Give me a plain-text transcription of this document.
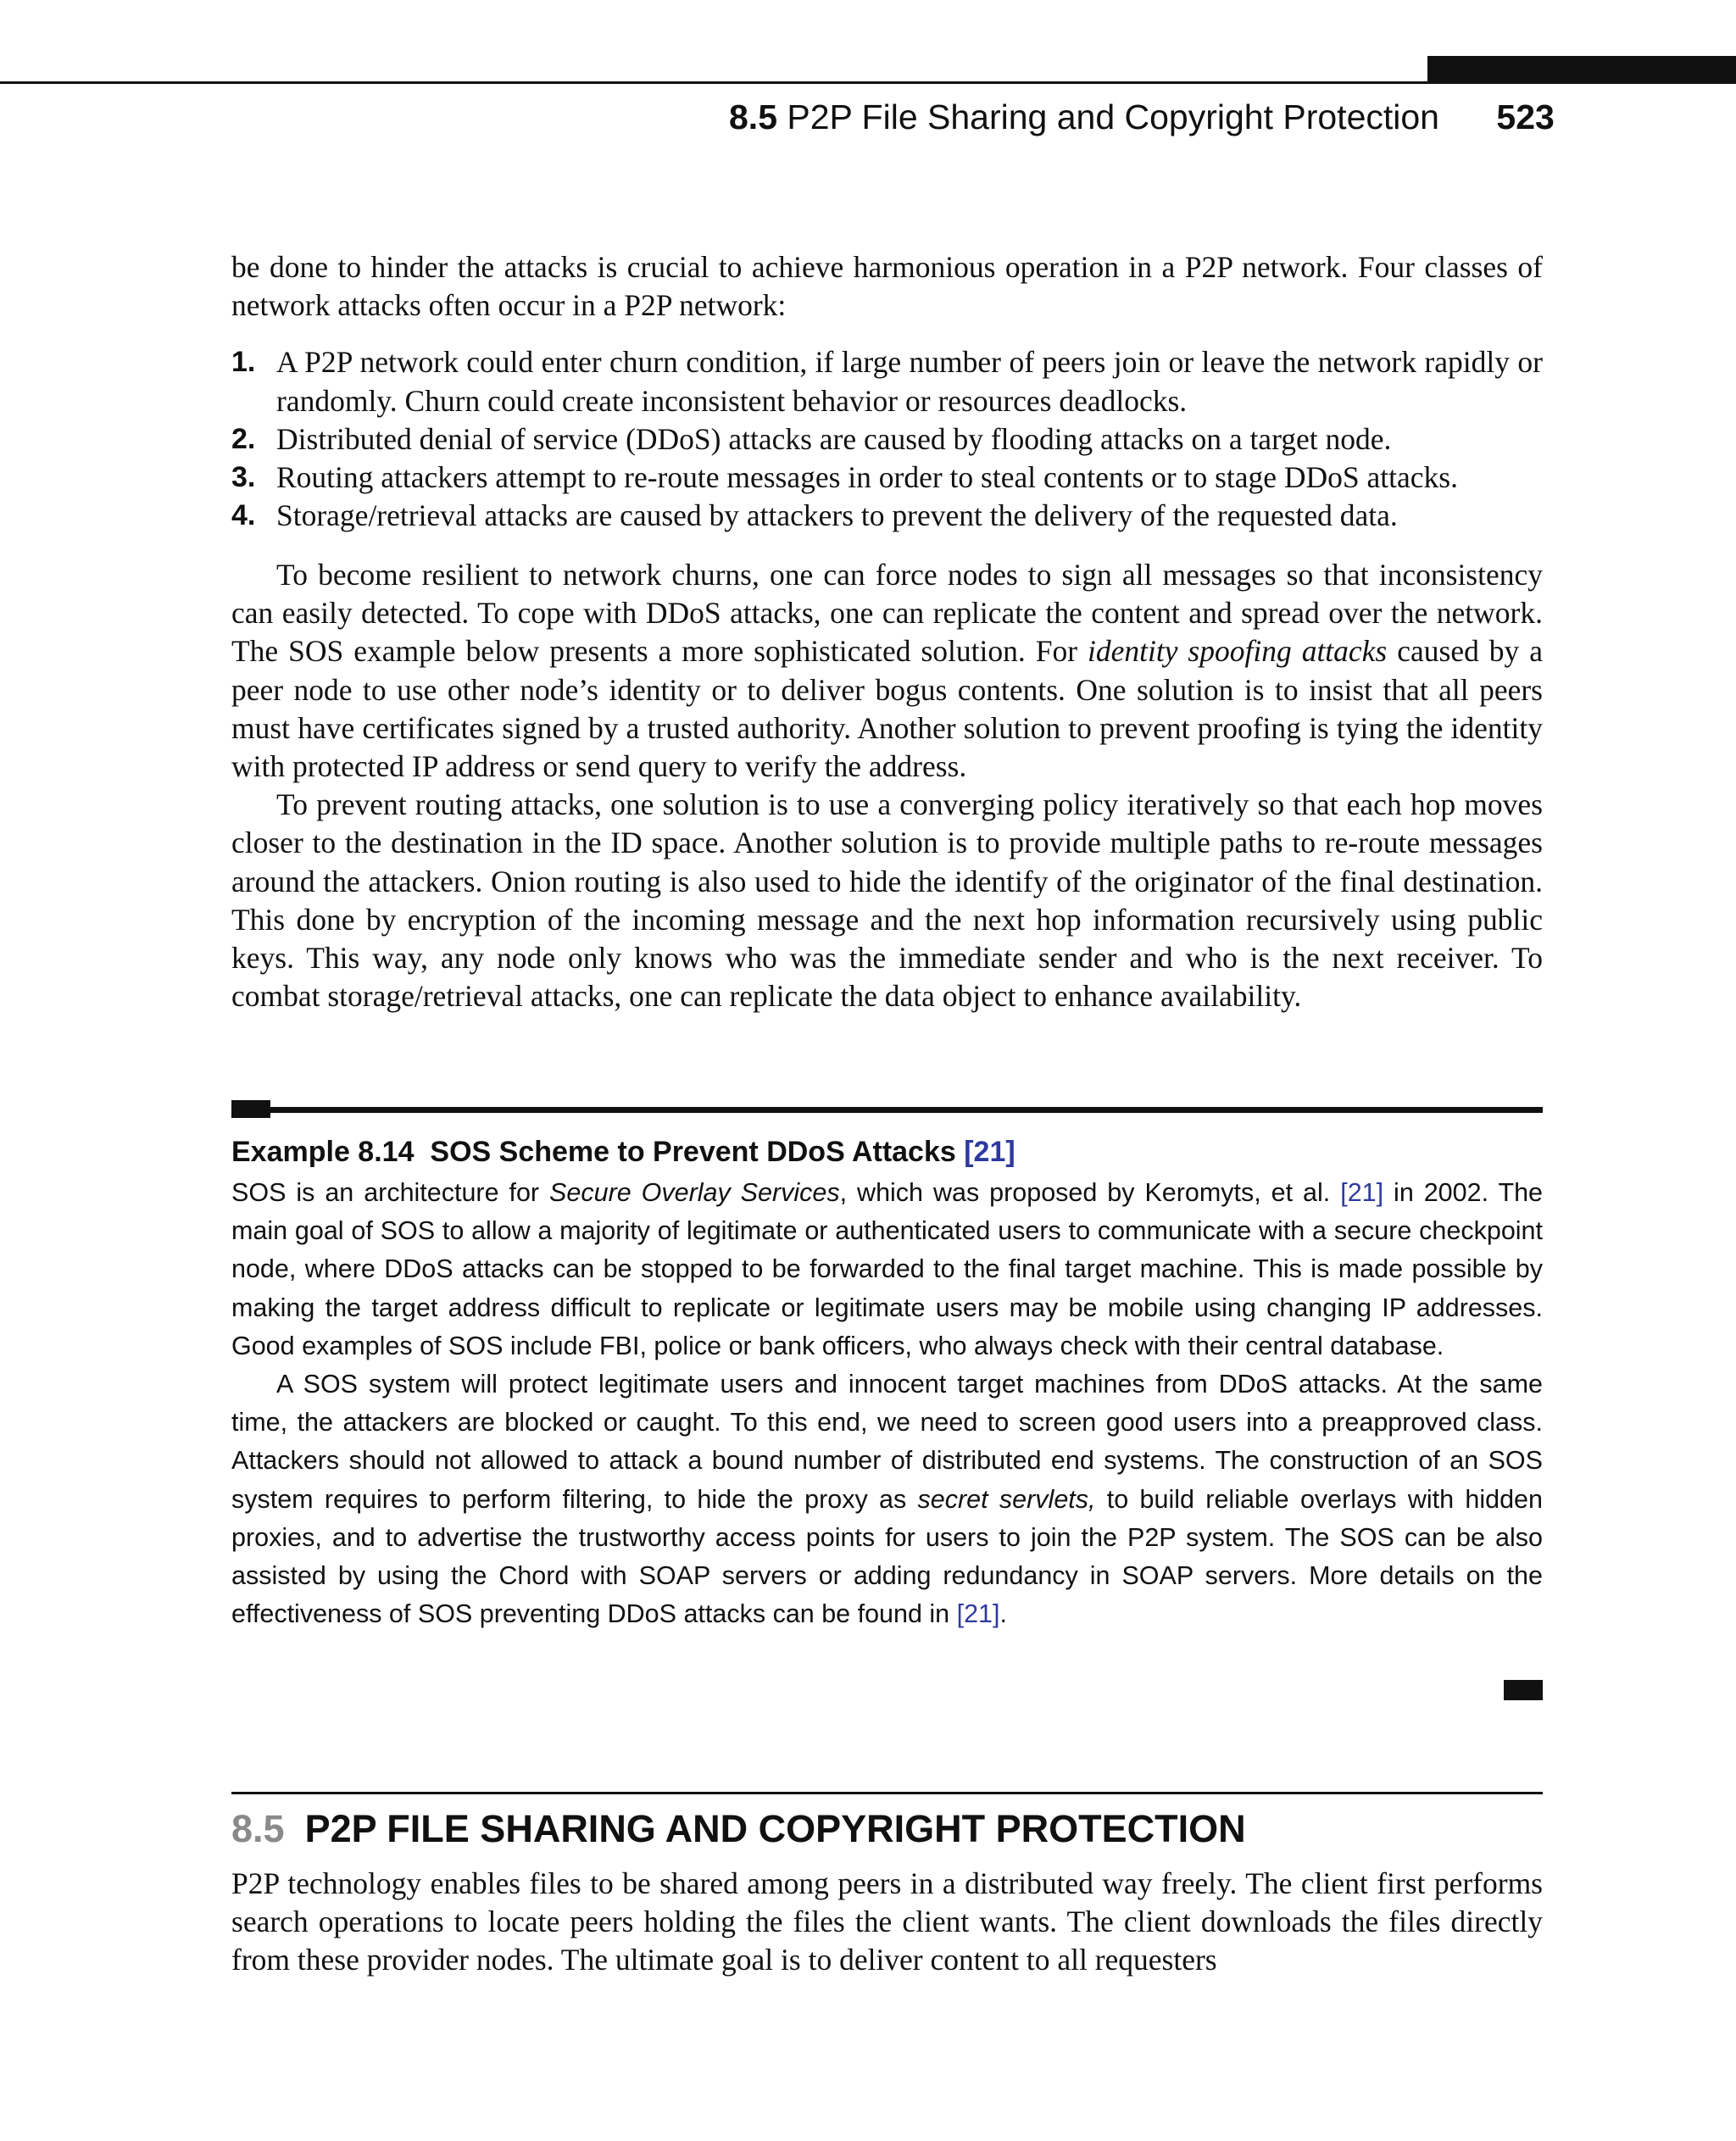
8.5 P2P File Sharing and Copyright Protection 523

be done to hinder the attacks is crucial to achieve harmonious operation in a P2P network. Four classes of network attacks often occur in a P2P network:

1. A P2P network could enter churn condition, if large number of peers join or leave the network rapidly or randomly. Churn could create inconsistent behavior or resources deadlocks.
2. Distributed denial of service (DDoS) attacks are caused by flooding attacks on a target node.
3. Routing attackers attempt to re-route messages in order to steal contents or to stage DDoS attacks.
4. Storage/retrieval attacks are caused by attackers to prevent the delivery of the requested data.

To become resilient to network churns, one can force nodes to sign all messages so that inconsistency can easily detected. To cope with DDoS attacks, one can replicate the content and spread over the network. The SOS example below presents a more sophisticated solution. For identity spoofing attacks caused by a peer node to use other node’s identity or to deliver bogus contents. One solution is to insist that all peers must have certificates signed by a trusted authority. Another solution to prevent proofing is tying the identity with protected IP address or send query to verify the address.

To prevent routing attacks, one solution is to use a converging policy iteratively so that each hop moves closer to the destination in the ID space. Another solution is to provide multiple paths to re-route messages around the attackers. Onion routing is also used to hide the identify of the originator of the final destination. This done by encryption of the incoming message and the next hop information recursively using public keys. This way, any node only knows who was the immediate sender and who is the next receiver. To combat storage/retrieval attacks, one can replicate the data object to enhance availability.

Example 8.14 SOS Scheme to Prevent DDoS Attacks [21]

SOS is an architecture for Secure Overlay Services, which was proposed by Keromyts, et al. [21] in 2002. The main goal of SOS to allow a majority of legitimate or authenticated users to communicate with a secure checkpoint node, where DDoS attacks can be stopped to be forwarded to the final target machine. This is made possible by making the target address difficult to replicate or legitimate users may be mobile using changing IP addresses. Good examples of SOS include FBI, police or bank officers, who always check with their central database.

A SOS system will protect legitimate users and innocent target machines from DDoS attacks. At the same time, the attackers are blocked or caught. To this end, we need to screen good users into a preapproved class. Attackers should not allowed to attack a bound number of distributed end systems. The construction of an SOS system requires to perform filtering, to hide the proxy as secret servlets, to build reliable overlays with hidden proxies, and to advertise the trustworthy access points for users to join the P2P system. The SOS can be also assisted by using the Chord with SOAP servers or adding redundancy in SOAP servers. More details on the effectiveness of SOS preventing DDoS attacks can be found in [21].

8.5 P2P FILE SHARING AND COPYRIGHT PROTECTION

P2P technology enables files to be shared among peers in a distributed way freely. The client first performs search operations to locate peers holding the files the client wants. The client downloads the files directly from these provider nodes. The ultimate goal is to deliver content to all requesters
